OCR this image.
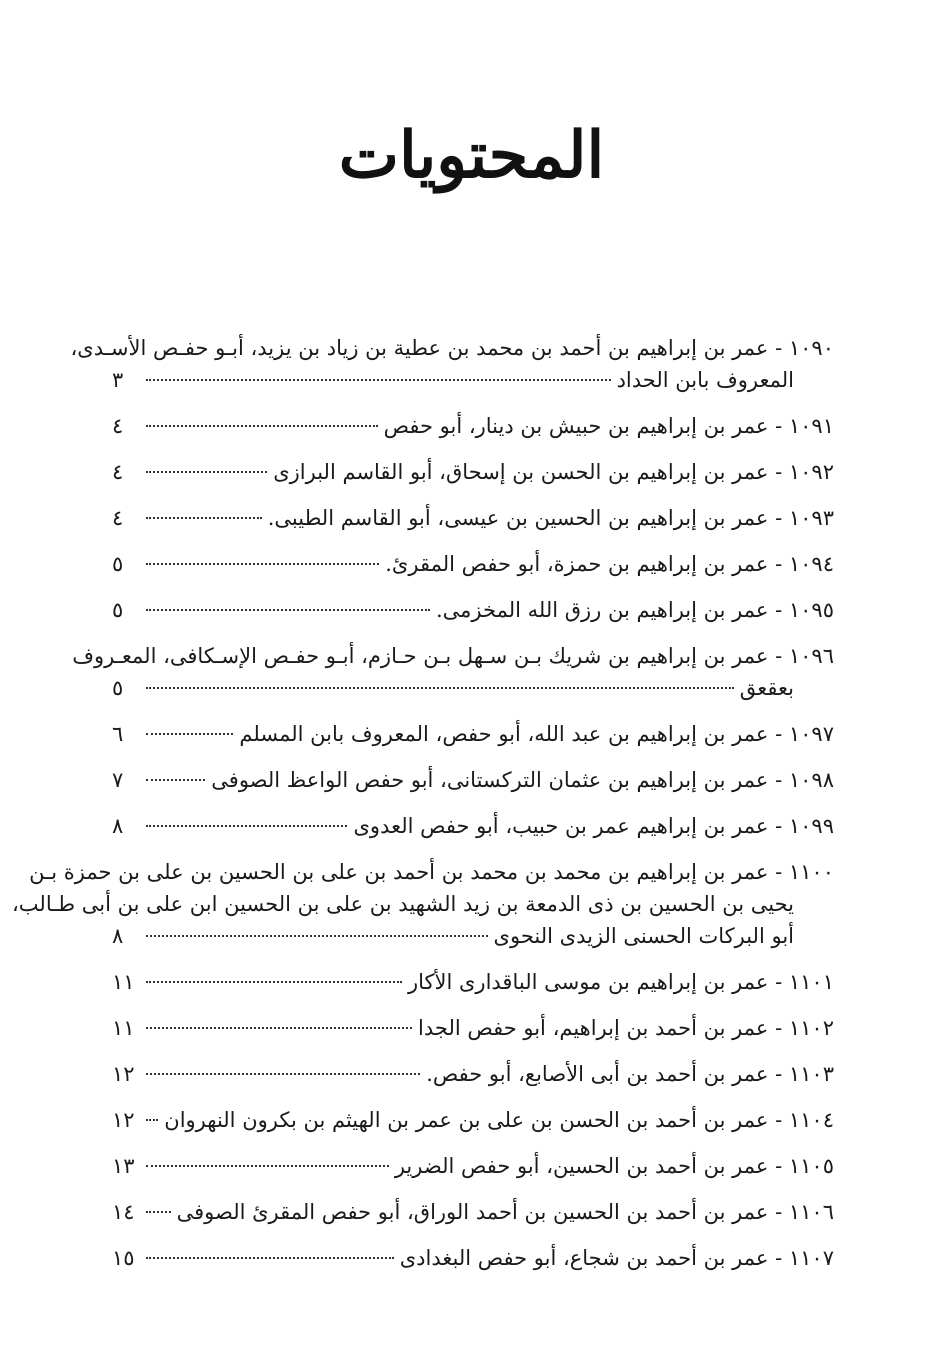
المحتويات
١٠٩٠ - عمر بن إبراهيم بن أحمد بن محمد بن عطية بن زياد بن يزيد، أبـو حفـص الأسـدى،
المعروف بابن الحداد
٣
١٠٩١ - عمر بن إبراهيم بن حبيش بن دينار، أبو حفص
٤
١٠٩٢ - عمر بن إبراهيم بن الحسن بن إسحاق، أبو القاسم البرازى
٤
١٠٩٣ - عمر بن إبراهيم بن الحسين بن عيسى، أبو القاسم الطيبى.
٤
١٠٩٤ - عمر بن إبراهيم بن حمزة، أبو حفص المقرئ.
٥
١٠٩٥ - عمر بن إبراهيم بن رزق الله المخزمى.
٥
١٠٩٦ - عمر بن إبراهيم بن شريك بـن سـهل بـن حـازم، أبـو حفـص الإسـكافى، المعـروف
بعقعق
٥
١٠٩٧ - عمر بن إبراهيم بن عبد الله، أبو حفص، المعروف بابن المسلم
٦
١٠٩٨ - عمر بن إبراهيم بن عثمان التركستانى، أبو حفص الواعظ الصوفى
٧
١٠٩٩ - عمر بن إبراهيم عمر بن حبيب، أبو حفص العدوى
٨
١١٠٠ - عمر بن إبراهيم بن محمد بن محمد بن أحمد بن على بن الحسين بن على بن حمزة بـن
يحيى بن الحسين بن ذى الدمعة بن زيد الشهيد بن على بن الحسين ابن على بن أبى طـالب،
أبو البركات الحسنى الزيدى النحوى
٨
١١٠١ - عمر بن إبراهيم بن موسى الباقدارى الأكار
١١
١١٠٢ - عمر بن أحمد بن إبراهيم، أبو حفص الجدا
١١
١١٠٣ - عمر بن أحمد بن أبى الأصابع، أبو حفص.
١٢
١١٠٤ - عمر بن أحمد بن الحسن بن على بن عمر بن الهيثم بن بكرون النهروان
١٢
١١٠٥ - عمر بن أحمد بن الحسين، أبو حفص الضرير
١٣
١١٠٦ - عمر بن أحمد بن الحسين بن أحمد الوراق، أبو حفص المقرئ الصوفى
١٤
١١٠٧ - عمر بن أحمد بن شجاع، أبو حفص البغدادى
١٥
